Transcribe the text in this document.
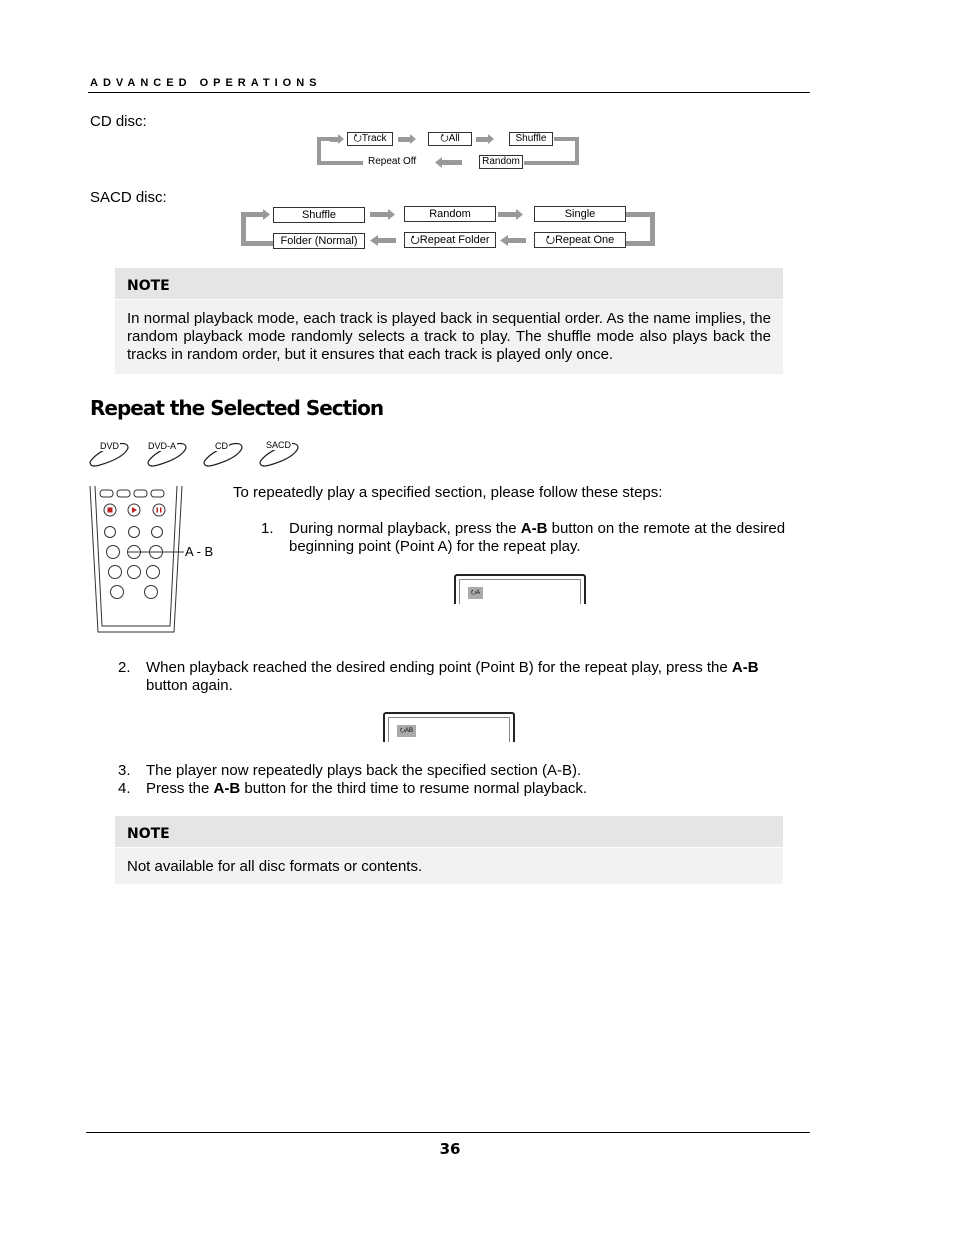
ADVANCED OPERATIONS
CD disc:
⭮Track	⭮All	Shuffle
Repeat Off	Random
SACD disc:
Shuffle	Random	Single
Folder (Normal)	⭮Repeat Folder	⭮Repeat One
NOTE
In normal playback mode, each track is played back in sequential order. As the name implies, the random playback mode randomly selects a track to play. The shuffle mode also plays back the tracks in random order, but it ensures that each track is played only once.
Repeat the Selected Section
DVD	DVD-A	CD	SACD
A - B
To repeatedly play a specified section, please follow these steps:
1. During normal playback, press the A-B button on the remote at the desired beginning point (Point A) for the repeat play.
⭮A
2. When playback reached the desired ending point (Point B) for the repeat play, press the A-B button again.
⭮AB
3. The player now repeatedly plays back the specified section (A-B).
4. Press the A-B button for the third time to resume normal playback.
NOTE
Not available for all disc formats or contents.
36
